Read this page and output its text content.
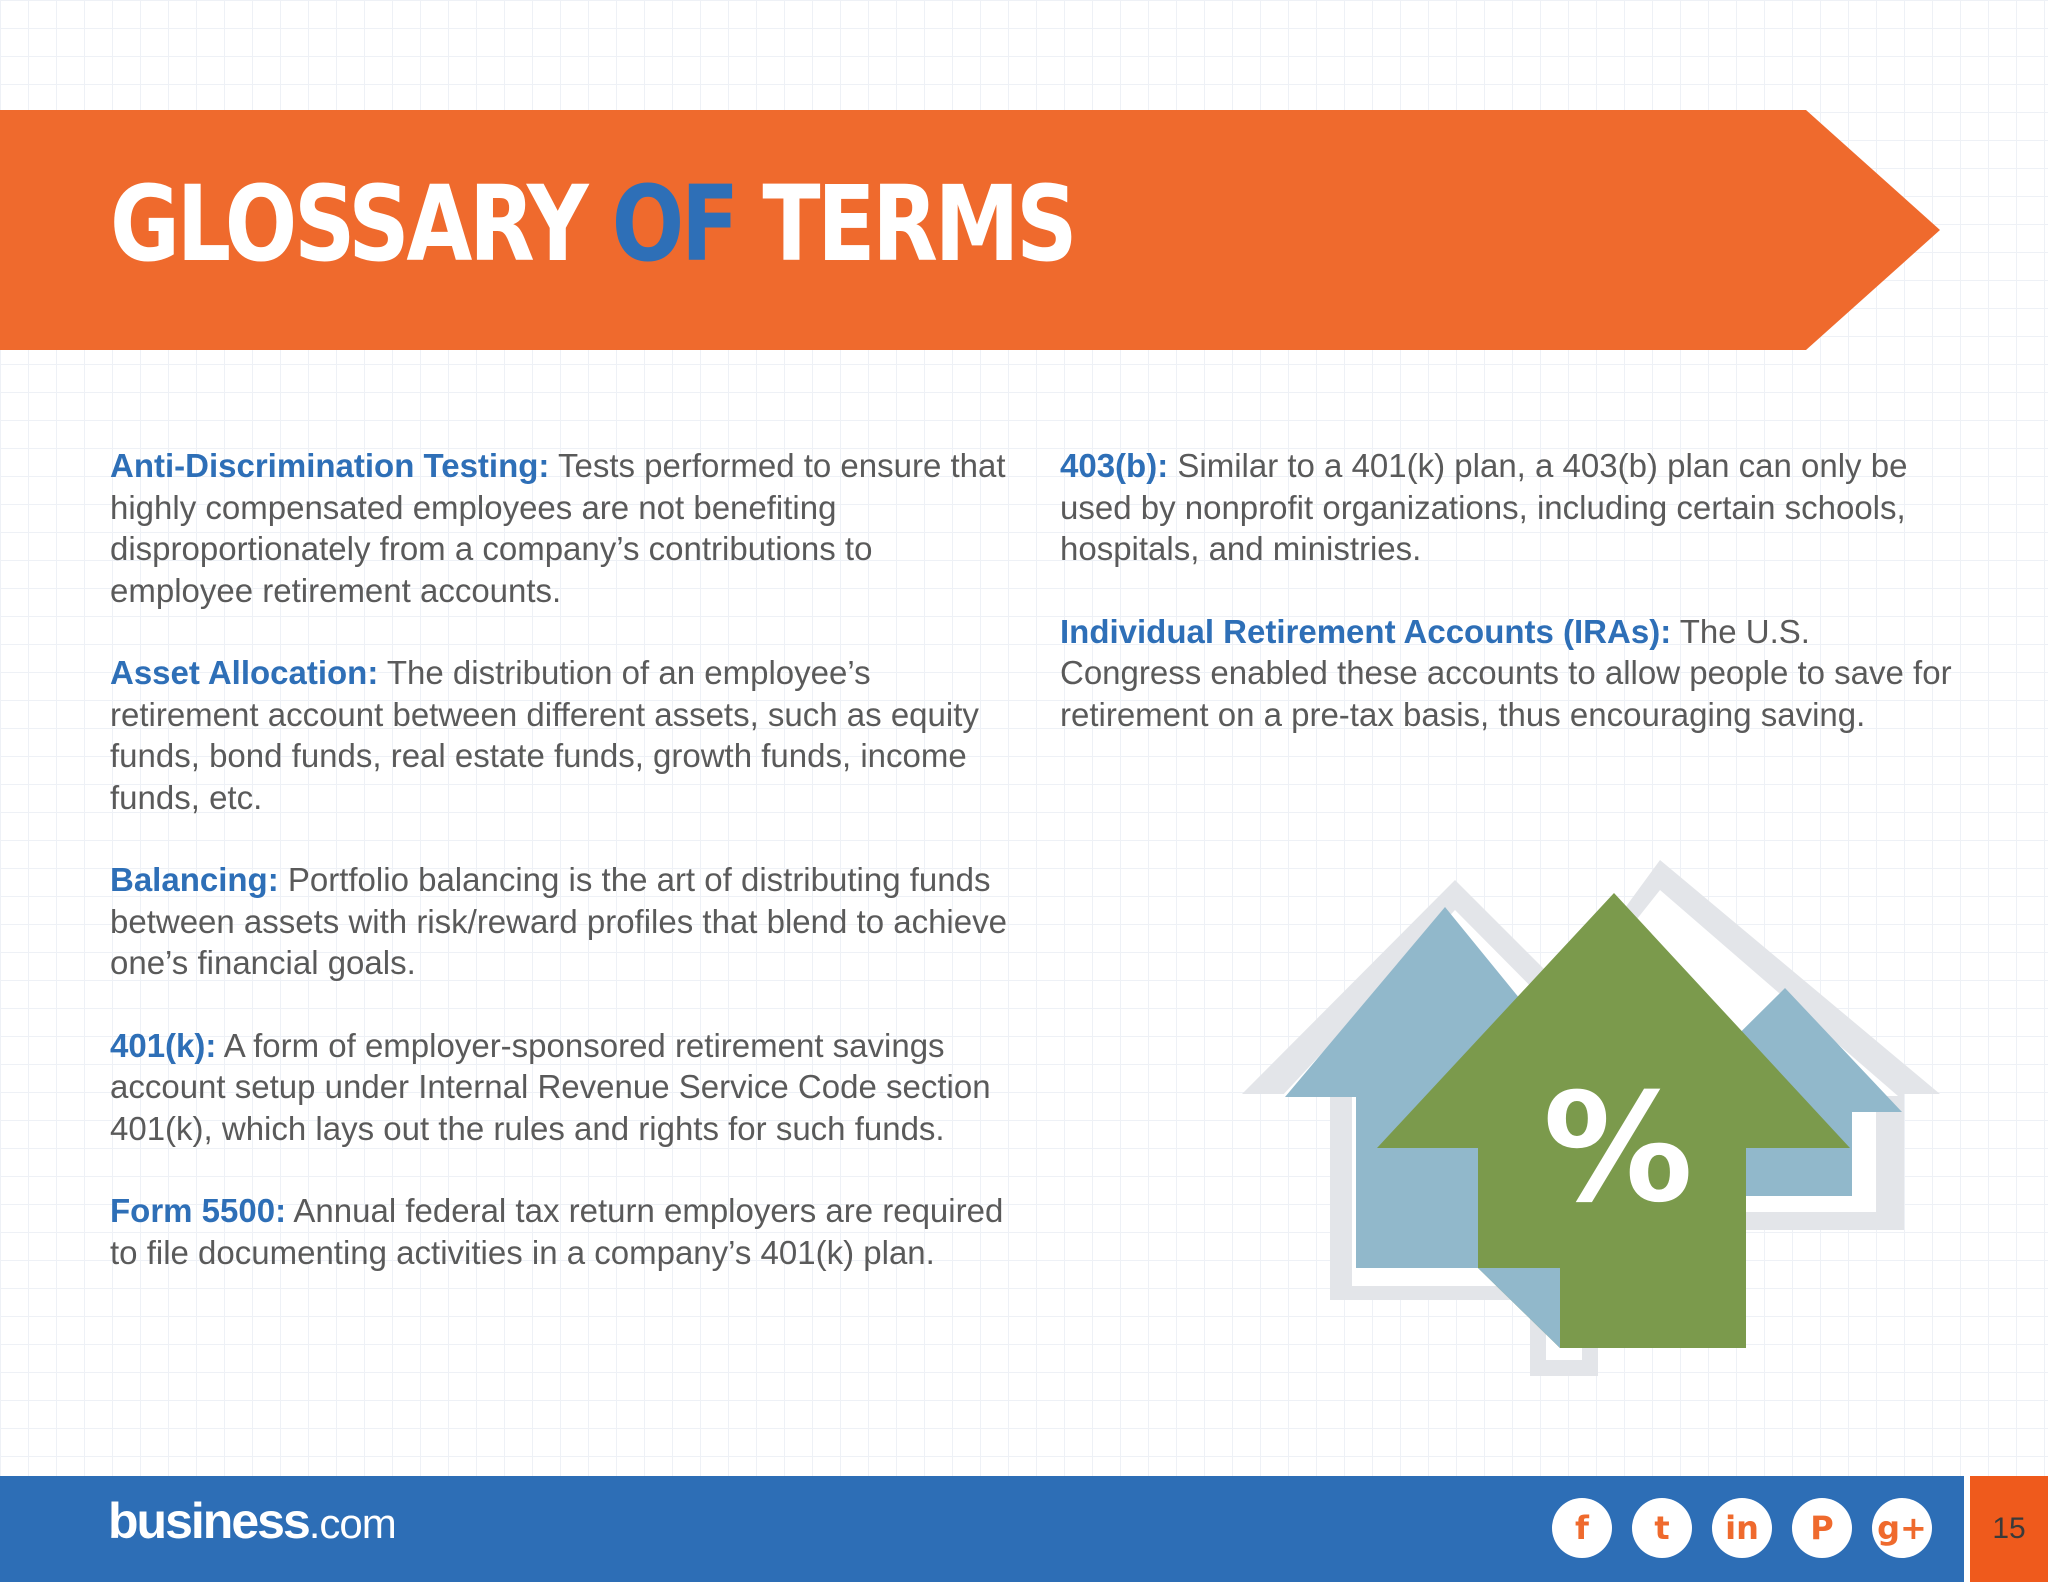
GLOSSARY OF TERMS

Anti-Discrimination Testing: Tests performed to ensure that highly compensated employees are not benefiting disproportionately from a company’s contributions to employee retirement accounts.

Asset Allocation: The distribution of an employee’s retirement account between different assets, such as equity funds, bond funds, real estate funds, growth funds, income funds, etc.

Balancing: Portfolio balancing is the art of distributing funds between assets with risk/reward profiles that blend to achieve one’s financial goals.

401(k): A form of employer-sponsored retirement savings account setup under Internal Revenue Service Code section 401(k), which lays out the rules and rights for such funds.

Form 5500: Annual federal tax return employers are required to file documenting activities in a company’s 401(k) plan.

403(b): Similar to a 401(k) plan, a 403(b) plan can only be used by nonprofit organizations, including certain schools, hospitals, and ministries.

Individual Retirement Accounts (IRAs): The U.S. Congress enabled these accounts to allow people to save for retirement on a pre-tax basis, thus encouraging saving.

%
business.com	f	t	in	P	g+	15
